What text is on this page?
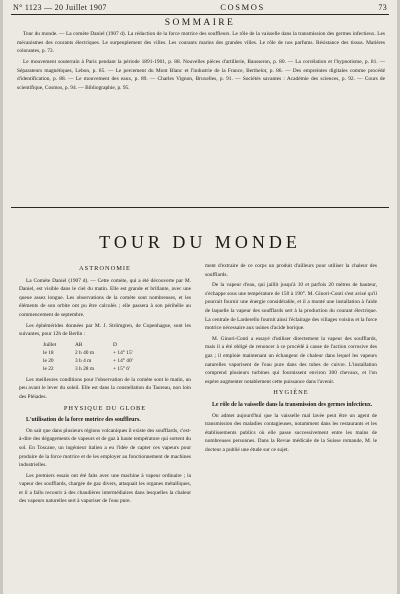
N° 1123 — 20 Juillet 1907	COSMOS	73
SOMMAIRE

Tour du monde. — La comète Daniel (1907 d). La réduction de la force motrice des souffleurs. Le rôle de la vaisselle dans la transmission des germes infectieux. Les mécanismes des courants électriques. Le surpeuplement des villes. Les courants marins des grandes villes. Le rôle de nos parfums. Résistance des tissus. Matières colorantes, p. 73.

Le mouvement souterrain à Paris pendant la période 1891-1901, p. 88. Nouvelles pièces d'artillerie, Bausseron, p. 80. — La corrélation et l'hypnotisme, p. 81. — Séparateurs magnétiques, Lebon, p. 85. — Le percement du Mont Blanc et l'industrie de la France, Berthelot, p. 86. — Des empreintes digitales comme procédé d'identification, p. 88. — Le mouvement des eaux, p. 89. — Charles Vignon, Bruxelles, p. 91. — Sociétés savantes : Académie des sciences, p. 92. — Cours de scientifique, Cosmos, p. 94. — Bibliographie, p. 95.

TOUR DU MONDE

ASTRONOMIE

La Comète Daniel (1907 d). — Cette comète, qui a été découverte par M. Daniel, est visible dans le ciel du matin. Elle est grande et brillante, avec une queue assez longue. Les observations de la comète sont nombreuses, et les éléments de son orbite ont pu être calculés ; elle passera à son périhélie au commencement de septembre.

Les éphémérides données par M. J. Strömgren, de Copenhague, sont les suivantes, pour 12h de Berlin :

Juillet	AR	D
le 18	2 h 40 m	+ 14° 15'
le 20	3 h 4 m	+ 14° 40'
le 22	3 h 28 m	+ 15° 6'

Les meilleures conditions pour l'observation de la comète sont le matin, un peu avant le lever du soleil. Elle est dans la constellation du Taureau, non loin des Pléiades.

PHYSIQUE DU GLOBE

L'utilisation de la force motrice des souffleurs.

On sait que dans plusieurs régions volcaniques il existe des soufflards, c'est-à-dire des dégagements de vapeurs et de gaz à haute température qui sortent du sol. En Toscane, un ingénieur italien a eu l'idée de capter ces vapeurs pour produire de la force motrice et de les employer au fonctionnement de machines industrielles.

Les premiers essais ont été faits avec une machine à vapeur ordinaire ; la vapeur des soufflards, chargée de gaz divers, attaquait les organes métalliques, et il a fallu recourir à des chaudières intermédiaires dans lesquelles la chaleur des vapeurs naturelles sert à vaporiser de l'eau pure.

ment d'extraire de ce corps un produit d'ailleurs pour utiliser la chaleur des soufflards.

De la vapeur d'eau, qui jaillit jusqu'à 10 et parfois 20 mètres de hauteur, s'échappe sous une température de 150 à 190°. M. Ginori-Conti s'est avisé qu'il pourrait fournir une énergie considérable, et il a monté une installation à l'aide de laquelle la vapeur des soufflards sert à la production du courant électrique. La centrale de Larderello fournit ainsi l'éclairage des villages voisins et la force motrice nécessaire aux usines d'acide borique.

M. Ginori-Conti a essayé d'utiliser directement la vapeur des soufflards, mais il a été obligé de renoncer à ce procédé à cause de l'action corrosive des gaz ; il emploie maintenant un échangeur de chaleur dans lequel les vapeurs naturelles vaporisent de l'eau pure dans des tubes de cuivre. L'installation comprend plusieurs turbines qui fournissent environ 300 chevaux, et l'on espère augmenter notablement cette puissance dans l'avenir.

HYGIÈNE

Le rôle de la vaisselle dans la transmission des germes infectieux.

On admet aujourd'hui que la vaisselle mal lavée peut être un agent de transmission des maladies contagieuses, notamment dans les restaurants et les établissements publics où elle passe successivement entre les mains de nombreuses personnes. Dans la Revue médicale de la Suisse romande, M. le docteur a publié une étude sur ce sujet.
